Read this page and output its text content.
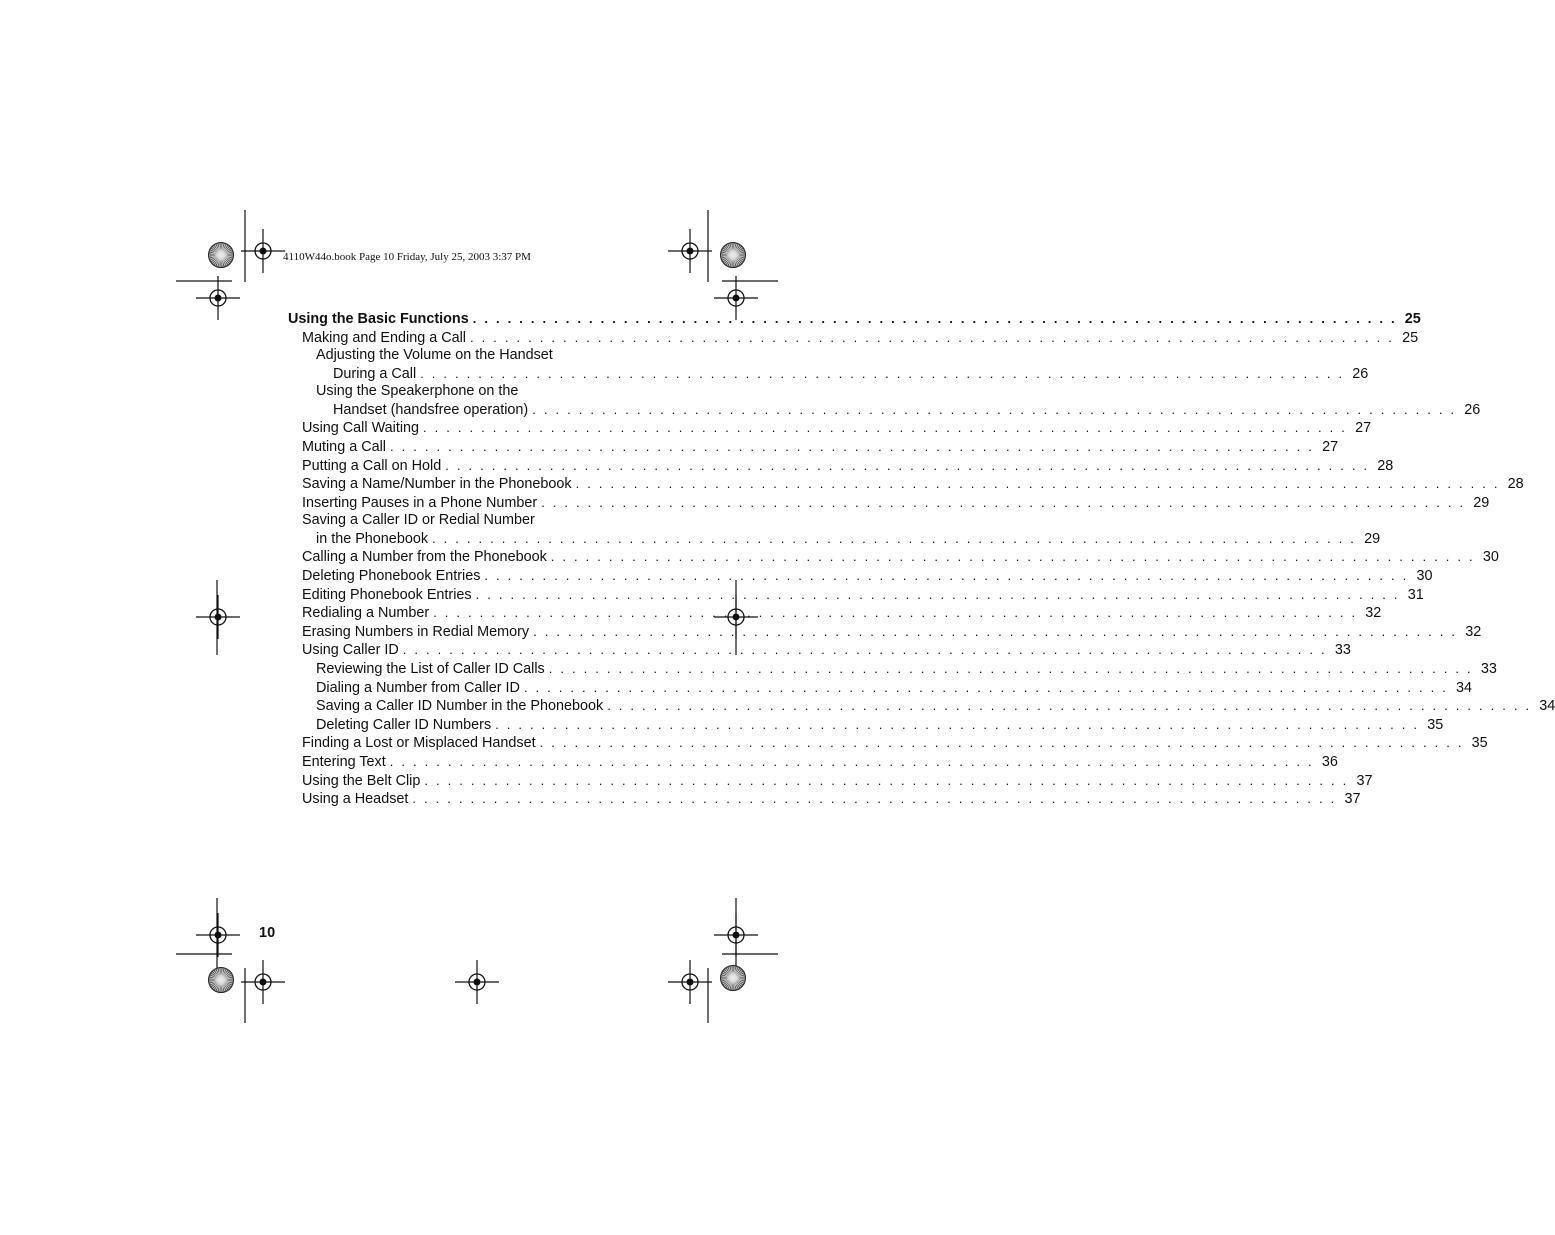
4110W44o.book Page 10 Friday, July 25, 2003 3:37 PM
Using the Basic Functions . . . . . . . . . . . . . . . . . . . . . . . . . . . . . . . . . . . . . . . . . . . . . . . . . . . . . . . . . . . . . . . . . . . . . . . . . . . . . . . . 25
Making and Ending a Call . . . . . . . . . . . . . . . . . . . . . . . . . . . . . . . . . . . . . . . . . . . . . . . . . . . . . . . . . . . . . . . . . . . . . . . . . . . . . . . . 25
Adjusting the Volume on the Handset
During a Call . . . . . . . . . . . . . . . . . . . . . . . . . . . . . . . . . . . . . . . . . . . . . . . . . . . . . . . . . . . . . . . . . . . . . . . . . . . . . . . . 26
Using the Speakerphone on the
Handset (handsfree operation) . . . . . . . . . . . . . . . . . . . . . . . . . . . . . . . . . . . . . . . . . . . . . . . . . . . . . . . . . . . . . . . . . . . . . . . . . . . . . . . . 26
Using Call Waiting . . . . . . . . . . . . . . . . . . . . . . . . . . . . . . . . . . . . . . . . . . . . . . . . . . . . . . . . . . . . . . . . . . . . . . . . . . . . . . . . 27
Muting a Call . . . . . . . . . . . . . . . . . . . . . . . . . . . . . . . . . . . . . . . . . . . . . . . . . . . . . . . . . . . . . . . . . . . . . . . . . . . . . . . . 27
Putting a Call on Hold . . . . . . . . . . . . . . . . . . . . . . . . . . . . . . . . . . . . . . . . . . . . . . . . . . . . . . . . . . . . . . . . . . . . . . . . . . . . . . . . 28
Saving a Name/Number in the Phonebook . . . . . . . . . . . . . . . . . . . . . . . . . . . . . . . . . . . . . . . . . . . . . . . . . . . . . . . . . . . . . . . . . . . . . . . . . . . . . . . . 28
Inserting Pauses in a Phone Number . . . . . . . . . . . . . . . . . . . . . . . . . . . . . . . . . . . . . . . . . . . . . . . . . . . . . . . . . . . . . . . . . . . . . . . . . . . . . . . . 29
Saving a Caller ID or Redial Number
in the Phonebook . . . . . . . . . . . . . . . . . . . . . . . . . . . . . . . . . . . . . . . . . . . . . . . . . . . . . . . . . . . . . . . . . . . . . . . . . . . . . . . . 29
Calling a Number from the Phonebook . . . . . . . . . . . . . . . . . . . . . . . . . . . . . . . . . . . . . . . . . . . . . . . . . . . . . . . . . . . . . . . . . . . . . . . . . . . . . . . . 30
Deleting Phonebook Entries . . . . . . . . . . . . . . . . . . . . . . . . . . . . . . . . . . . . . . . . . . . . . . . . . . . . . . . . . . . . . . . . . . . . . . . . . . . . . . . . 30
Editing Phonebook Entries . . . . . . . . . . . . . . . . . . . . . . . . . . . . . . . . . . . . . . . . . . . . . . . . . . . . . . . . . . . . . . . . . . . . . . . . . . . . . . . . 31
Redialing a Number . . . . . . . . . . . . . . . . . . . . . . . . . . . . . . . . . . . . . . . . . . . . . . . . . . . . . . . . . . . . . . . . . . . . . . . . . . . . . . . . 32
Erasing Numbers in Redial Memory . . . . . . . . . . . . . . . . . . . . . . . . . . . . . . . . . . . . . . . . . . . . . . . . . . . . . . . . . . . . . . . . . . . . . . . . . . . . . . . . 32
Using Caller ID . . . . . . . . . . . . . . . . . . . . . . . . . . . . . . . . . . . . . . . . . . . . . . . . . . . . . . . . . . . . . . . . . . . . . . . . . . . . . . . . 33
Reviewing the List of Caller ID Calls . . . . . . . . . . . . . . . . . . . . . . . . . . . . . . . . . . . . . . . . . . . . . . . . . . . . . . . . . . . . . . . . . . . . . . . . . . . . . . . . 33
Dialing a Number from Caller ID . . . . . . . . . . . . . . . . . . . . . . . . . . . . . . . . . . . . . . . . . . . . . . . . . . . . . . . . . . . . . . . . . . . . . . . . . . . . . . . . 34
Saving a Caller ID Number in the Phonebook . . . . . . . . . . . . . . . . . . . . . . . . . . . . . . . . . . . . . . . . . . . . . . . . . . . . . . . . . . . . . . . . . . . . . . . . . . . . . . . . 34
Deleting Caller ID Numbers . . . . . . . . . . . . . . . . . . . . . . . . . . . . . . . . . . . . . . . . . . . . . . . . . . . . . . . . . . . . . . . . . . . . . . . . . . . . . . . . 35
Finding a Lost or Misplaced Handset . . . . . . . . . . . . . . . . . . . . . . . . . . . . . . . . . . . . . . . . . . . . . . . . . . . . . . . . . . . . . . . . . . . . . . . . . . . . . . . . 35
Entering Text . . . . . . . . . . . . . . . . . . . . . . . . . . . . . . . . . . . . . . . . . . . . . . . . . . . . . . . . . . . . . . . . . . . . . . . . . . . . . . . . 36
Using the Belt Clip . . . . . . . . . . . . . . . . . . . . . . . . . . . . . . . . . . . . . . . . . . . . . . . . . . . . . . . . . . . . . . . . . . . . . . . . . . . . . . . . 37
Using a Headset . . . . . . . . . . . . . . . . . . . . . . . . . . . . . . . . . . . . . . . . . . . . . . . . . . . . . . . . . . . . . . . . . . . . . . . . . . . . . . . . 37
10
